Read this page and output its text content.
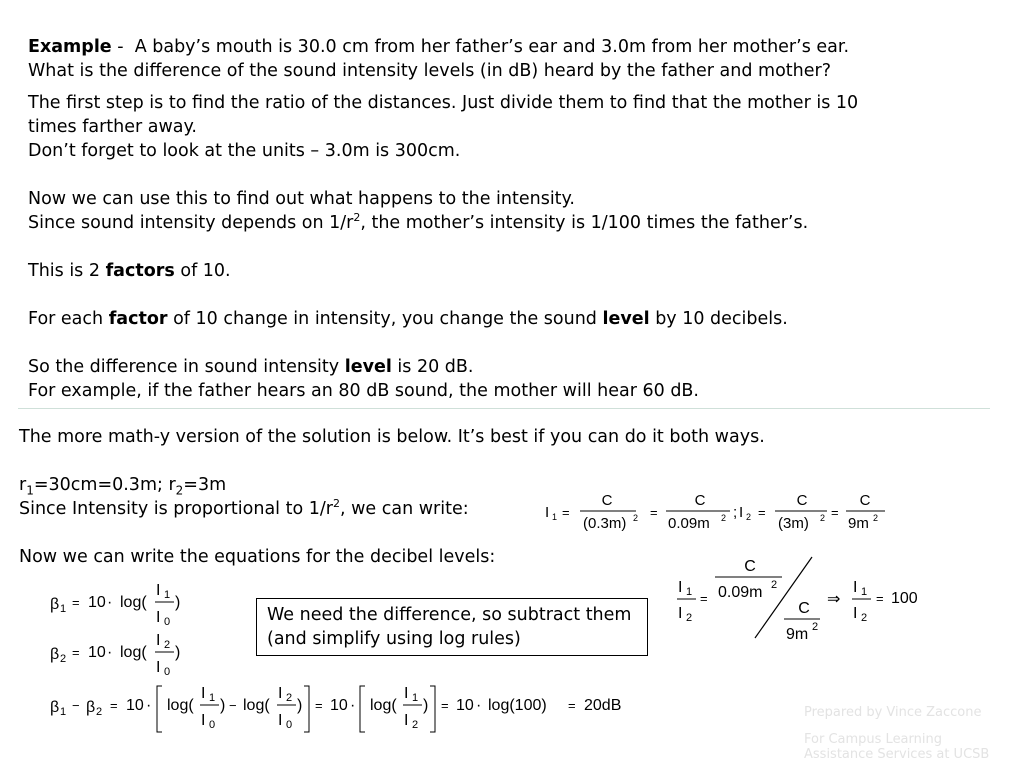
Example -  A baby’s mouth is 30.0 cm from her father’s ear and 3.0m from her mother’s ear.
What is the difference of the sound intensity levels (in dB) heard by the father and mother?
The first step is to find the ratio of the distances. Just divide them to find that the mother is 10
times farther away.
Don’t forget to look at the units – 3.0m is 300cm.
Now we can use this to find out what happens to the intensity.
Since sound intensity depends on $1/r^2$, the mother’s intensity is 1/100 times the father’s.
This is 2 factors of 10.
For each factor of 10 change in intensity, you change the sound level by 10 decibels.
So the difference in sound intensity level is 20 dB.
For example, if the father hears an 80 dB sound, the mother will hear 60 dB.
The more math-y version of the solution is below. It’s best if you can do it both ways.
$r_1=30cm=0.3m$; $r_2=3m$
Since Intensity is proportional to $1/r^2$, we can write:
Now we can write the equations for the decibel levels:
We need the difference, so subtract them (and simplify using log rules)
I 1 =
C
(0.3m) 2 =
C
0.09m 2 ; I 2 =
C
(3m) 2 =
C
9m 2
I 1
I 2
=
C
0.09m 2
C
9m 2
⇒
I 1
I 2
= 100
β 1 = 10 · log(
I 1
I 0
)
β 2 = 10 · log(
I 2
I 0
)
β 1 − β 2 = 10 · log(
I 1
I 0
) − log(
I 2
I 0
) = 10 · log(
I 1
I 2
) = 10 · log(100) = 20dB	Prepared by Vince Zaccone
For Campus Learning
Assistance Services at UCSB
